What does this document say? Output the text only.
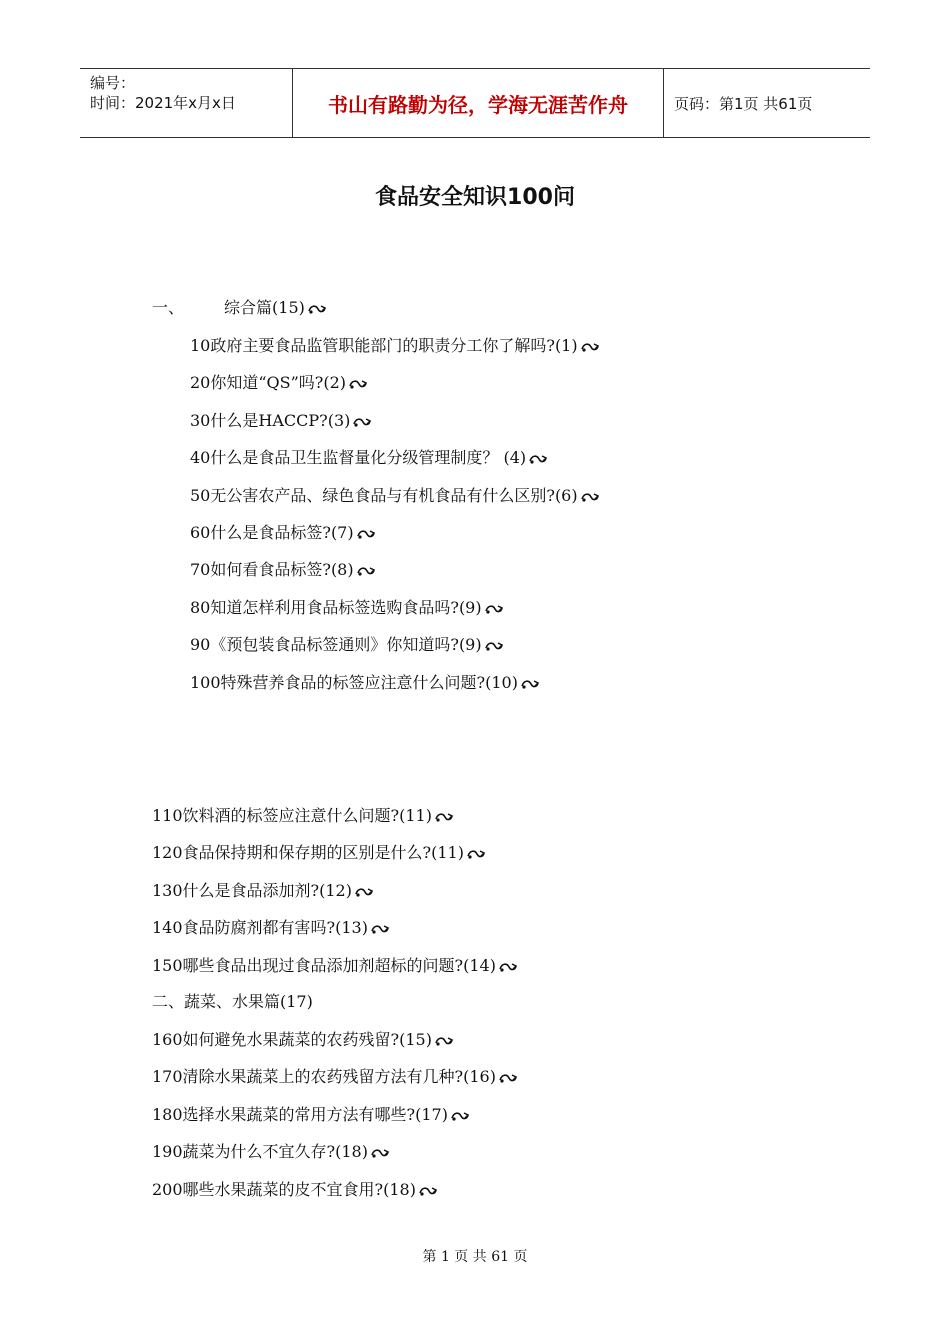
编号：
时间：2021年x月x日	书山有路勤为径，学海无涯苦作舟	页码：第1页 共61页
食品安全知识100问
一、	综合篇(15)
10政府主要食品监管职能部门的职责分工你了解吗?(1)
20你知道“QS”吗?(2)
30什么是HACCP?(3)
40什么是食品卫生监督量化分级管理制度？ (4)
50无公害农产品、绿色食品与有机食品有什么区别?(6)
60什么是食品标签?(7)
70如何看食品标签?(8)
80知道怎样利用食品标签选购食品吗?(9)
90《预包装食品标签通则》你知道吗?(9)
100特殊营养食品的标签应注意什么问题?(10)
110饮料酒的标签应注意什么问题?(11)
120食品保持期和保存期的区别是什么?(11)
130什么是食品添加剂?(12)
140食品防腐剂都有害吗?(13)
150哪些食品出现过食品添加剂超标的问题?(14)
二、蔬菜、水果篇(17)
160如何避免水果蔬菜的农药残留?(15)
170清除水果蔬菜上的农药残留方法有几种?(16)
180选择水果蔬菜的常用方法有哪些?(17)
190蔬菜为什么不宜久存?(18)
200哪些水果蔬菜的皮不宜食用?(18)
第 1 页 共 61 页
